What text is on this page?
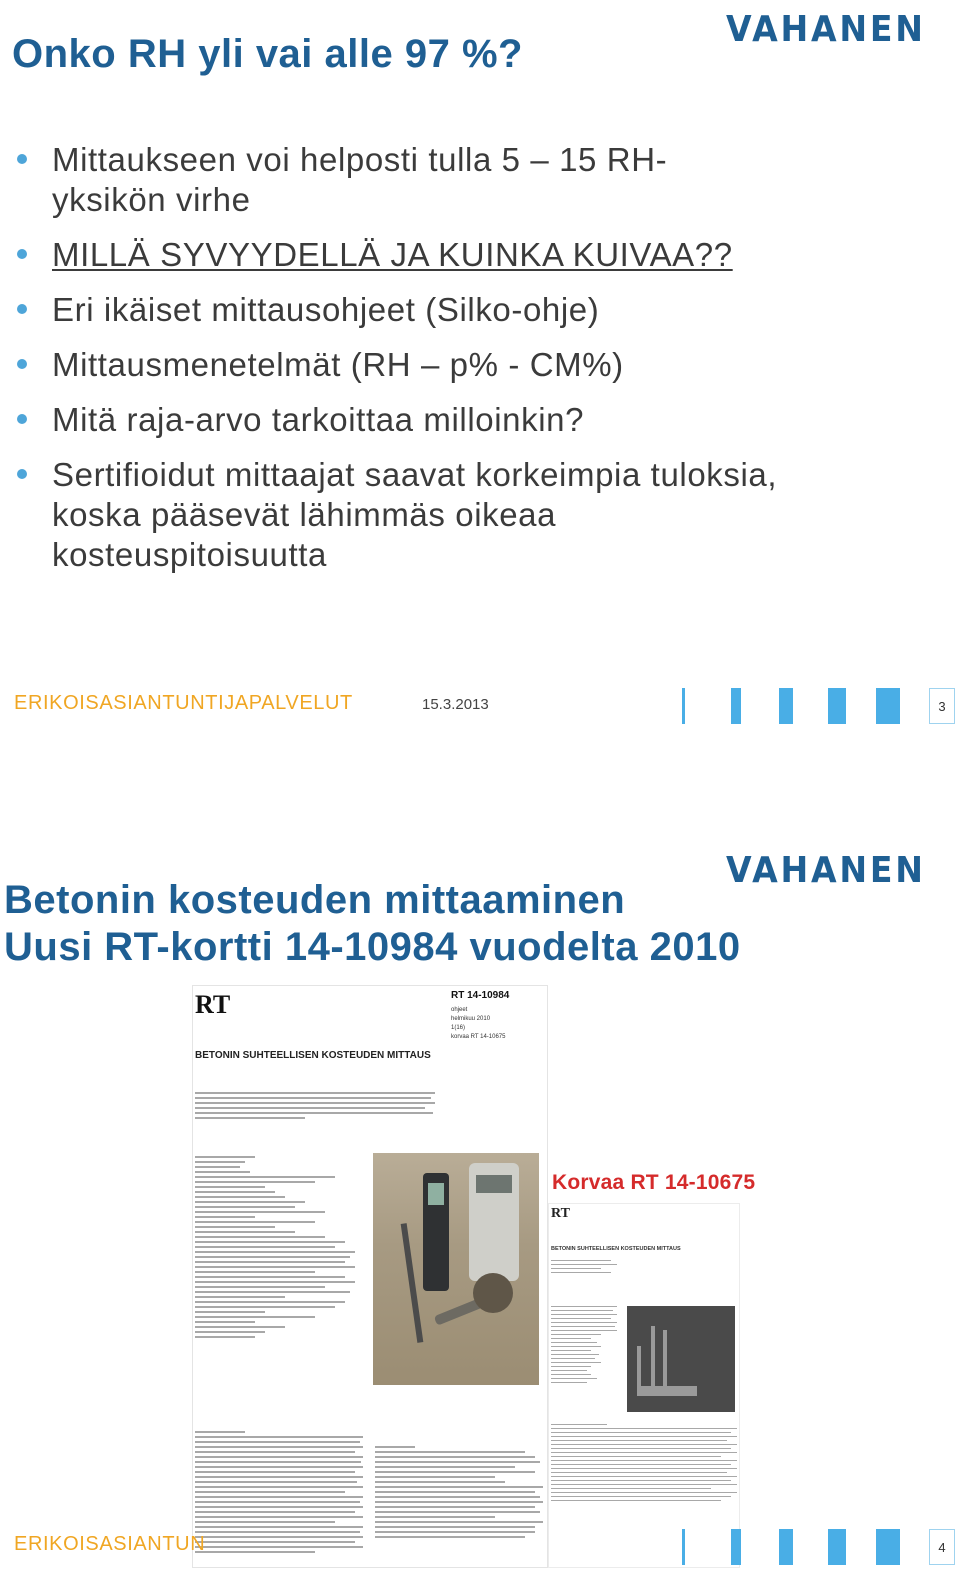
Onko RH yli vai alle 97 %?
VAHANEN
Mittaukseen voi helposti tulla 5 – 15 RH-yksikön virhe
MILLÄ SYVYYDELLÄ JA KUINKA KUIVAA??
Eri ikäiset mittausohjeet (Silko-ohje)
Mittausmenetelmät (RH – p% - CM%)
Mitä raja-arvo tarkoittaa milloinkin?
Sertifioidut mittaajat saavat korkeimpia tuloksia, koska pääsevät lähimmäs oikeaa kosteuspitoisuutta
ERIKOISASIANTUNTIJAPALVELUT	15.3.2013	3
VAHANEN
Betonin kosteuden mittaaminen
Uusi RT-kortti 14-10984 vuodelta 2010
RT	RT 14-10984
ohjeet
helmikuu 2010
1(16)
korvaa RT 14-10675
BETONIN SUHTEELLISEN KOSTEUDEN MITTAUS
Korvaa RT 14-10675
RT
BETONIN SUHTEELLISEN KOSTEUDEN MITTAUS
ERIKOISASIANTUN	4
